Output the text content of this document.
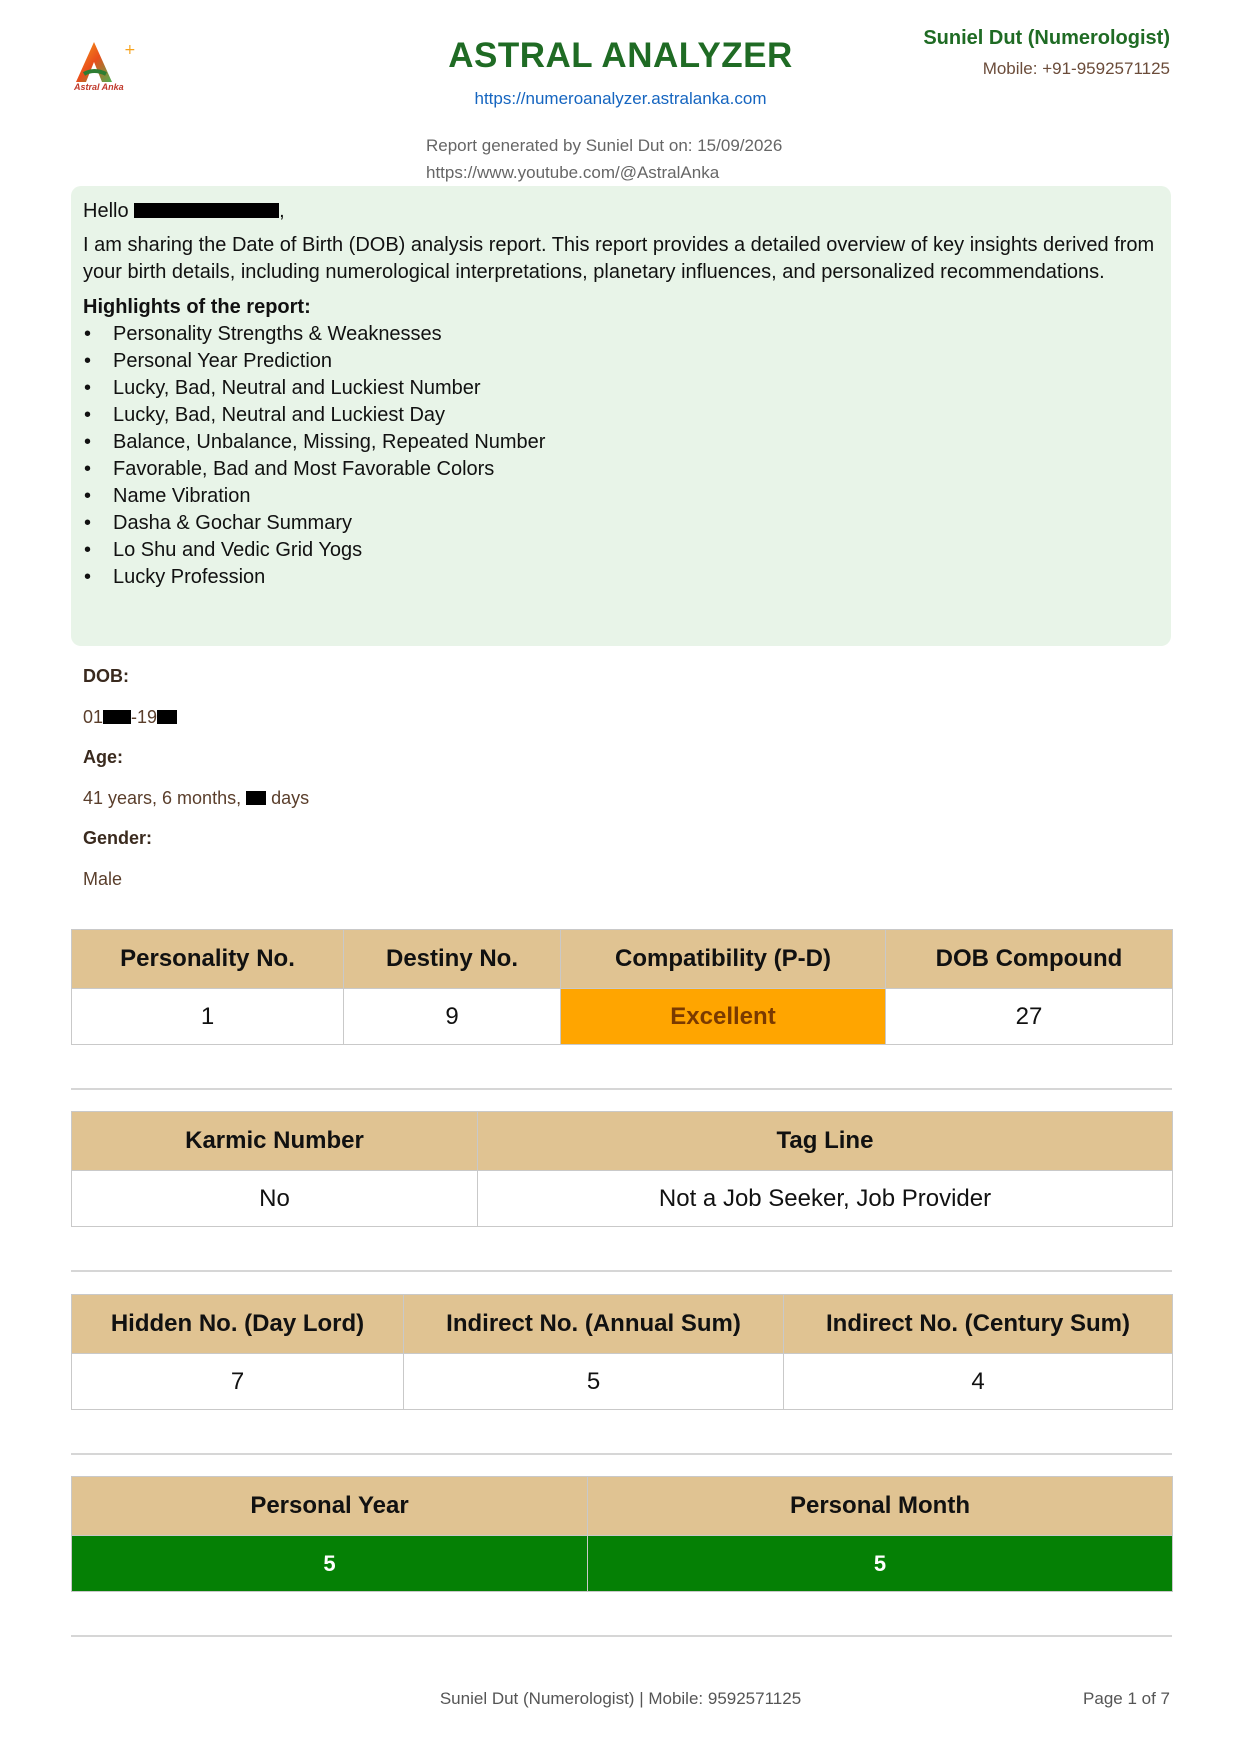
+
Astral Anka
ASTRAL ANALYZER
https://numeroanalyzer.astralanka.com
Suniel Dut (Numerologist)
Mobile: +91-9592571125
Report generated by Suniel Dut on: 15/09/2026
https://www.youtube.com/@AstralAnka
Hello	,

I am sharing the Date of Birth (DOB) analysis report. This report provides a detailed overview of key insights derived from your birth details, including numerological interpretations, planetary influences, and personalized recommendations.

Highlights of the report:

• Personality Strengths & Weaknesses
• Personal Year Prediction
• Lucky, Bad, Neutral and Luckiest Number
• Lucky, Bad, Neutral and Luckiest Day
• Balance, Unbalance, Missing, Repeated Number
• Favorable, Bad and Most Favorable Colors
• Name Vibration
• Dasha & Gochar Summary
• Lo Shu and Vedic Grid Yogs
• Lucky Profession
DOB:
01 -19
Age:
41 years, 6 months, days
Gender:
Male
Personality No.	Destiny No.	Compatibility (P-D)	DOB Compound
1	9	Excellent	27
Karmic Number	Tag Line
No	Not a Job Seeker, Job Provider
Hidden No. (Day Lord)	Indirect No. (Annual Sum)	Indirect No. (Century Sum)
7	5	4
Personal Year	Personal Month
5	5
Suniel Dut (Numerologist) | Mobile: 9592571125	Page 1 of 7
